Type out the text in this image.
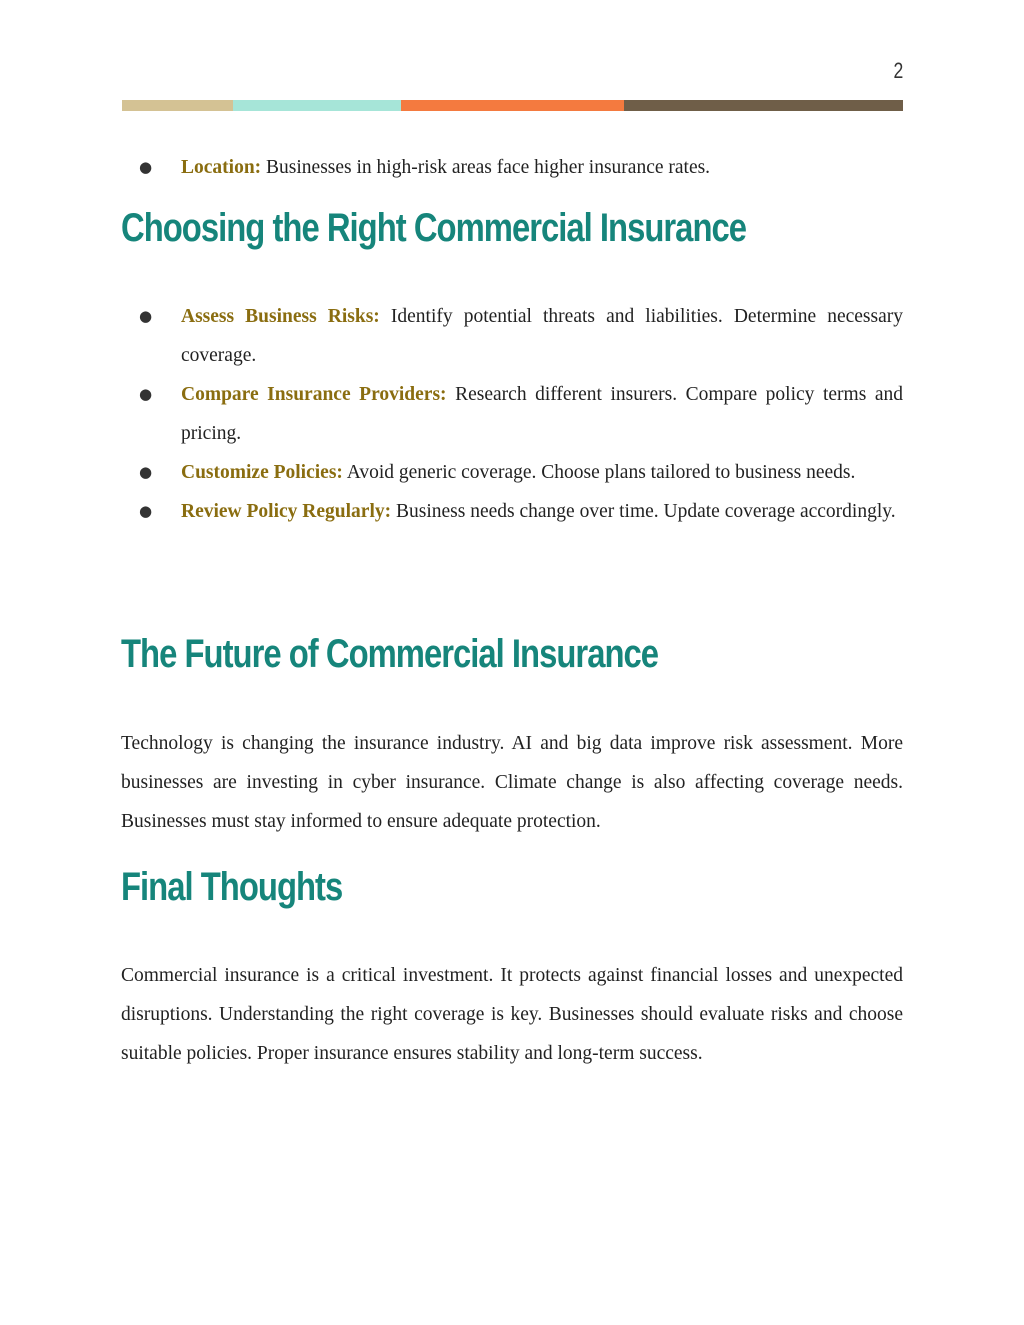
2
● Location: Businesses in high-risk areas face higher insurance rates.
Choosing the Right Commercial Insurance
● Assess Business Risks: Identify potential threats and liabilities. Determine necessary coverage.
● Compare Insurance Providers: Research different insurers. Compare policy terms and pricing.
● Customize Policies: Avoid generic coverage. Choose plans tailored to business needs.
● Review Policy Regularly: Business needs change over time. Update coverage accordingly.
The Future of Commercial Insurance

Technology is changing the insurance industry. AI and big data improve risk assessment. More businesses are investing in cyber insurance. Climate change is also affecting coverage needs. Businesses must stay informed to ensure adequate protection.

Final Thoughts

Commercial insurance is a critical investment. It protects against financial losses and unexpected disruptions. Understanding the right coverage is key. Businesses should evaluate risks and choose suitable policies. Proper insurance ensures stability and long-term success.
